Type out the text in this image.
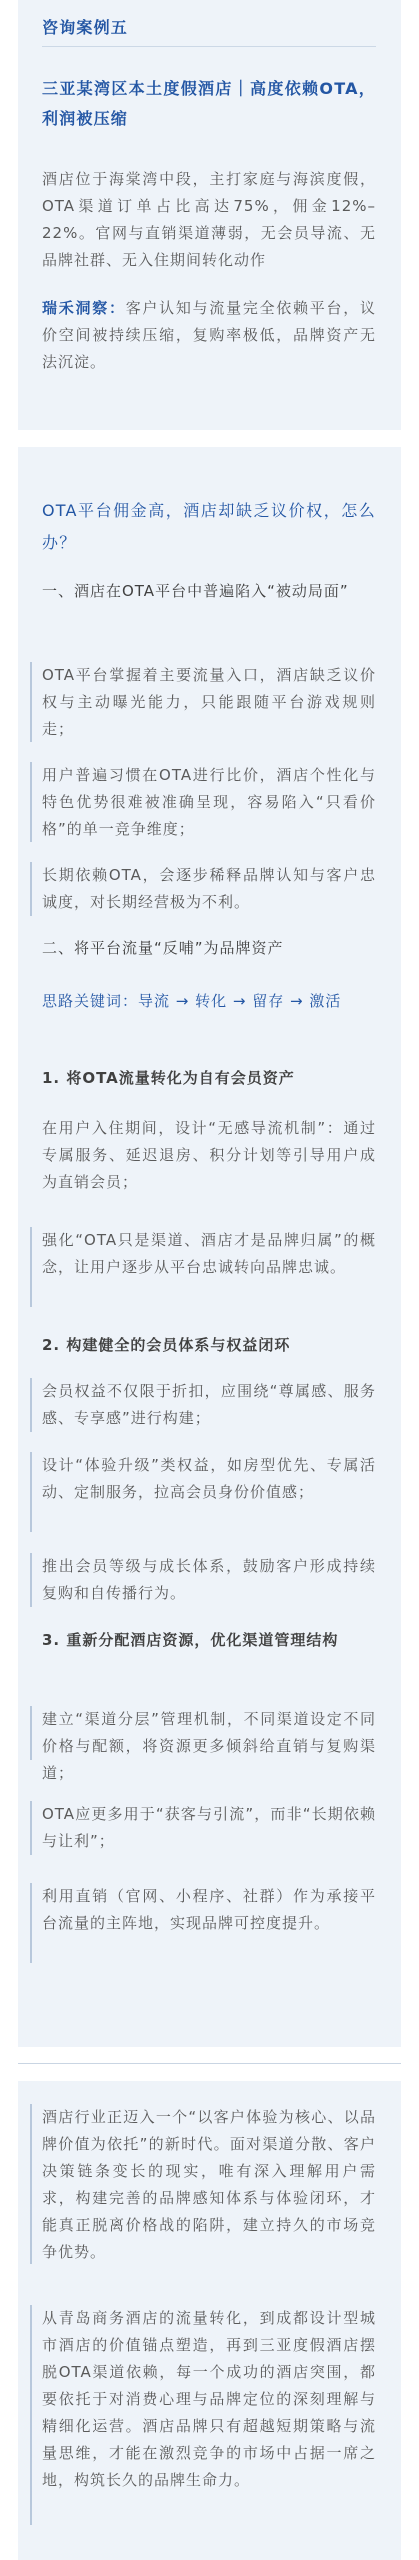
咨询案例五
三亚某湾区本土度假酒店｜高度依赖OTA，利润被压缩
酒店位于海棠湾中段，主打家庭与海滨度假，OTA渠道订单占比高达75%，佣金12%–22%。官网与直销渠道薄弱，无会员导流、无品牌社群、无入住期间转化动作
瑞禾洞察：客户认知与流量完全依赖平台，议价空间被持续压缩，复购率极低，品牌资产无法沉淀。
OTA平台佣金高，酒店却缺乏议价权，怎么办？
一、酒店在OTA平台中普遍陷入“被动局面”
OTA平台掌握着主要流量入口，酒店缺乏议价权与主动曝光能力，只能跟随平台游戏规则走；
用户普遍习惯在OTA进行比价，酒店个性化与特色优势很难被准确呈现，容易陷入“只看价格”的单一竞争维度；
长期依赖OTA，会逐步稀释品牌认知与客户忠诚度，对长期经营极为不利。
二、将平台流量“反哺”为品牌资产
思路关键词：导流 → 转化 → 留存 → 激活
1. 将OTA流量转化为自有会员资产
在用户入住期间，设计“无感导流机制”：通过专属服务、延迟退房、积分计划等引导用户成为直销会员；
强化“OTA只是渠道、酒店才是品牌归属”的概念，让用户逐步从平台忠诚转向品牌忠诚。
2. 构建健全的会员体系与权益闭环
会员权益不仅限于折扣，应围绕“尊属感、服务感、专享感”进行构建；
设计“体验升级”类权益，如房型优先、专属活动、定制服务，拉高会员身份价值感；
推出会员等级与成长体系，鼓励客户形成持续复购和自传播行为。
3. 重新分配酒店资源，优化渠道管理结构
建立“渠道分层”管理机制，不同渠道设定不同价格与配额，将资源更多倾斜给直销与复购渠道；
OTA应更多用于“获客与引流”，而非“长期依赖与让利”；
利用直销（官网、小程序、社群）作为承接平台流量的主阵地，实现品牌可控度提升。
酒店行业正迈入一个“以客户体验为核心、以品牌价值为依托”的新时代。面对渠道分散、客户决策链条变长的现实，唯有深入理解用户需求，构建完善的品牌感知体系与体验闭环，才能真正脱离价格战的陷阱，建立持久的市场竞争优势。
从青岛商务酒店的流量转化，到成都设计型城市酒店的价值锚点塑造，再到三亚度假酒店摆脱OTA渠道依赖，每一个成功的酒店突围，都要依托于对消费心理与品牌定位的深刻理解与精细化运营。酒店品牌只有超越短期策略与流量思维，才能在激烈竞争的市场中占据一席之地，构筑长久的品牌生命力。
